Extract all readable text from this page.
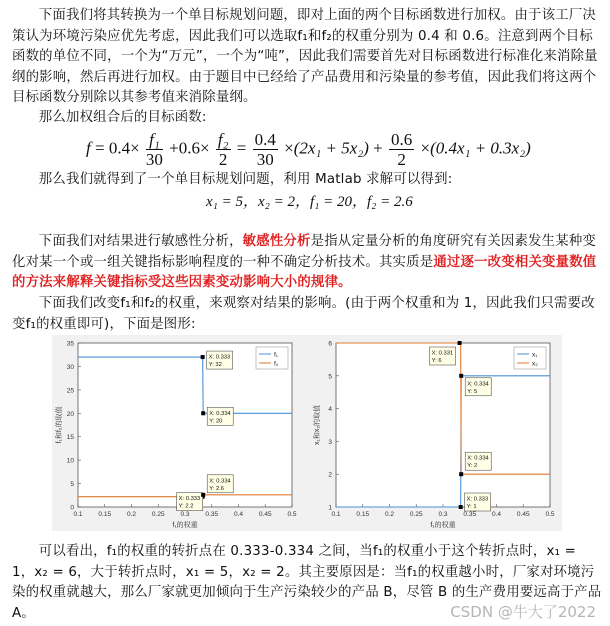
下面我们将其转换为一个单目标规划问题，即对上面的两个目标函数进行加权。由于该工厂决策认为环境污染应优先考虑，因此我们可以选取f₁和f₂的权重分别为 0.4 和 0.6。注意到两个目标函数的单位不同，一个为“万元”，一个为“吨”，因此我们需要首先对目标函数进行标准化来消除量纲的影响，然后再进行加权。由于题目中已经给了产品费用和污染量的参考值，因此我们将这两个目标函数分别除以其参考值来消除量纲。

那么加权组合后的目标函数:

$f = 0.4\times \frac{\text{f₁}}{30} +0.6\times \frac{\text{f₂}}{2} = \frac{0.4}{30} \times(2x_1 + 5x_2) + \frac{0.6}{2} \times(0.4x_1 + 0.3x_2)$

那么我们就得到了一个单目标规划问题，利用 Matlab 求解可以得到:

x₁ = 5，x₂ = 2，f₁ = 20，f₂ = 2.6

下面我们对结果进行敏感性分析，敏感性分析是指从定量分析的角度研究有关因素发生某种变化对某一个或一组关键指标影响程度的一种不确定分析技术。其实质是通过逐一改变相关变量数值的方法来解释关键指标受这些因素变动影响大小的规律。

下面我们改变f₁和f₂的权重，来观察对结果的影响。(由于两个权重和为 1，因此我们只需要改变f₁的权重即可)，下面是图形:

0.1 0.15 0.2 0.25 0.3 0.35 0.4 0.45 0.5
0
5
10
15
20
25
30
35
f₁的权重
f₁和f₂的取值
f₁
f₂
X: 0.333
Y: 32
X: 0.334
Y: 20
X: 0.333
Y: 2.2
X: 0.334
Y: 2.6
0.1 0.15 0.2 0.25 0.3 0.35 0.4 0.45 0.5
1
2
3
4
5
6
f₁的权重
x₁和x₂的取值
x₁
x₂
X: 0.331
Y: 6
X: 0.334
Y: 5
X: 0.334
Y: 2
X: 0.333
Y: 1

可以看出，f₁的权重的转折点在 0.333-0.334 之间，当f₁的权重小于这个转折点时，x₁ = 1，x₂ = 6，大于转折点时，x₁ = 5，x₂ = 2。其主要原因是：当f₁的权重越小时，厂家对环境污染的权重就越大，那么厂家就更加倾向于生产污染较少的产品 B，尽管 B 的生产费用要远高于产品 A。	CSDN @牛大了2022
